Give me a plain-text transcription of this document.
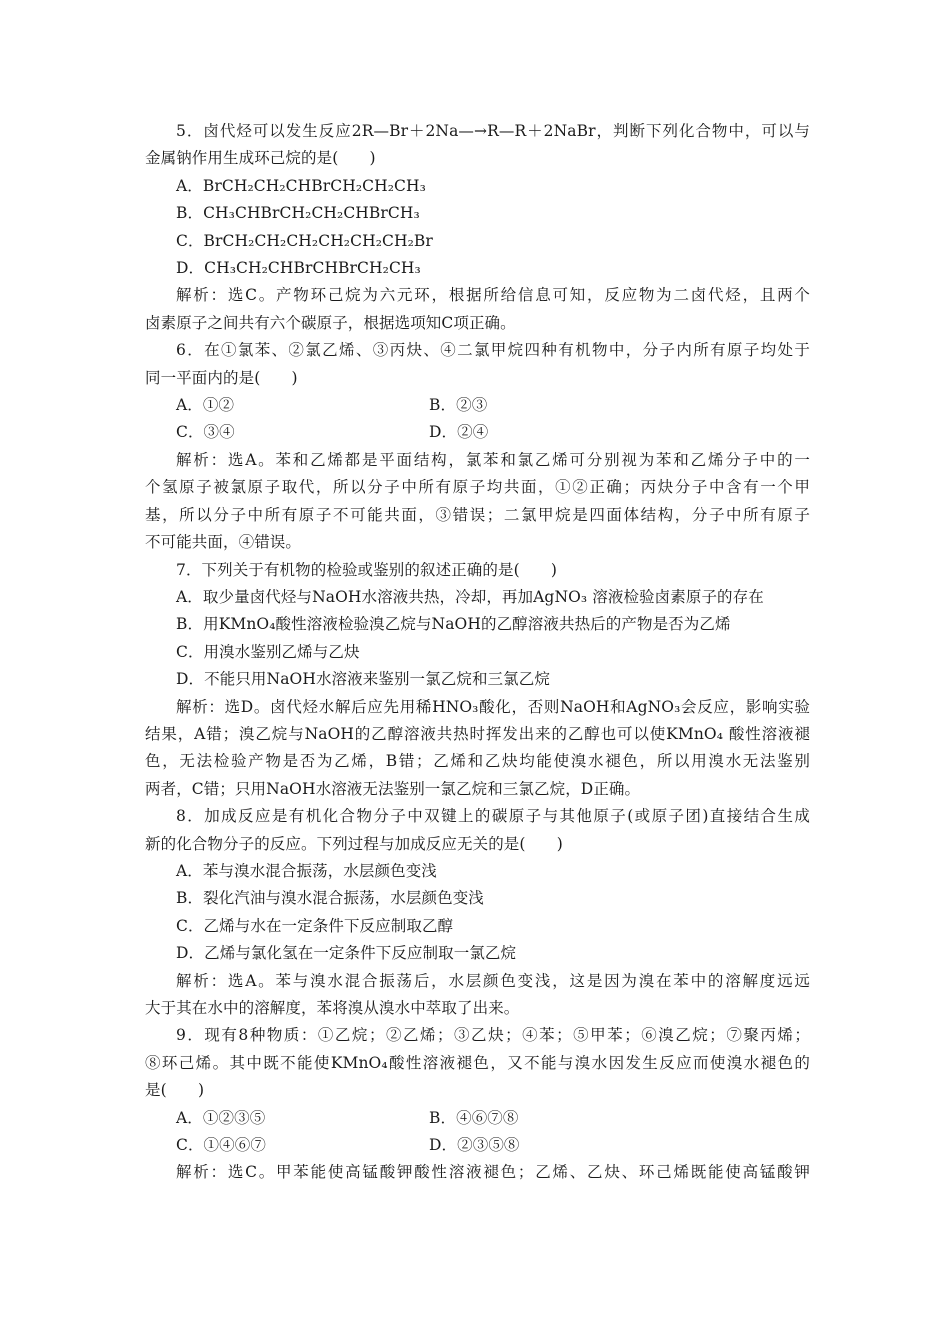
5．卤代烃可以发生反应2R—Br＋2Na—→R—R＋2NaBr，判断下列化合物中，可以与
金属钠作用生成环己烷的是(　　)
A．BrCH₂CH₂CHBrCH₂CH₂CH₃
B．CH₃CHBrCH₂CH₂CHBrCH₃
C．BrCH₂CH₂CH₂CH₂CH₂CH₂Br
D．CH₃CH₂CHBrCHBrCH₂CH₃
解析：选C。产物环己烷为六元环，根据所给信息可知，反应物为二卤代烃，且两个
卤素原子之间共有六个碳原子，根据选项知C项正确。
6．在①氯苯、②氯乙烯、③丙炔、④二氯甲烷四种有机物中，分子内所有原子均处于
同一平面内的是(　　)
A．①②	B．②③
C．③④	D．②④
解析：选A。苯和乙烯都是平面结构，氯苯和氯乙烯可分别视为苯和乙烯分子中的一
个氢原子被氯原子取代，所以分子中所有原子均共面，①②正确；丙炔分子中含有一个甲
基，所以分子中所有原子不可能共面，③错误；二氯甲烷是四面体结构，分子中所有原子
不可能共面，④错误。
7．下列关于有机物的检验或鉴别的叙述正确的是(　　)
A．取少量卤代烃与NaOH水溶液共热，冷却，再加AgNO₃ 溶液检验卤素原子的存在
B．用KMnO₄酸性溶液检验溴乙烷与NaOH的乙醇溶液共热后的产物是否为乙烯
C．用溴水鉴别乙烯与乙炔
D．不能只用NaOH水溶液来鉴别一氯乙烷和三氯乙烷
解析：选D。卤代烃水解后应先用稀HNO₃酸化，否则NaOH和AgNO₃会反应，影响实验
结果，A错；溴乙烷与NaOH的乙醇溶液共热时挥发出来的乙醇也可以使KMnO₄ 酸性溶液褪
色，无法检验产物是否为乙烯，B错；乙烯和乙炔均能使溴水褪色，所以用溴水无法鉴别
两者，C错；只用NaOH水溶液无法鉴别一氯乙烷和三氯乙烷，D正确。
8．加成反应是有机化合物分子中双键上的碳原子与其他原子(或原子团)直接结合生成
新的化合物分子的反应。下列过程与加成反应无关的是(　　)
A．苯与溴水混合振荡，水层颜色变浅
B．裂化汽油与溴水混合振荡，水层颜色变浅
C．乙烯与水在一定条件下反应制取乙醇
D．乙烯与氯化氢在一定条件下反应制取一氯乙烷
解析：选A。苯与溴水混合振荡后，水层颜色变浅，这是因为溴在苯中的溶解度远远
大于其在水中的溶解度，苯将溴从溴水中萃取了出来。
9．现有8种物质：①乙烷；②乙烯；③乙炔；④苯；⑤甲苯；⑥溴乙烷；⑦聚丙烯；
⑧环己烯。其中既不能使KMnO₄酸性溶液褪色，又不能与溴水因发生反应而使溴水褪色的
是(　　)
A．①②③⑤	B．④⑥⑦⑧
C．①④⑥⑦	D．②③⑤⑧
解析：选C。甲苯能使高锰酸钾酸性溶液褪色；乙烯、乙炔、环己烯既能使高锰酸钾
